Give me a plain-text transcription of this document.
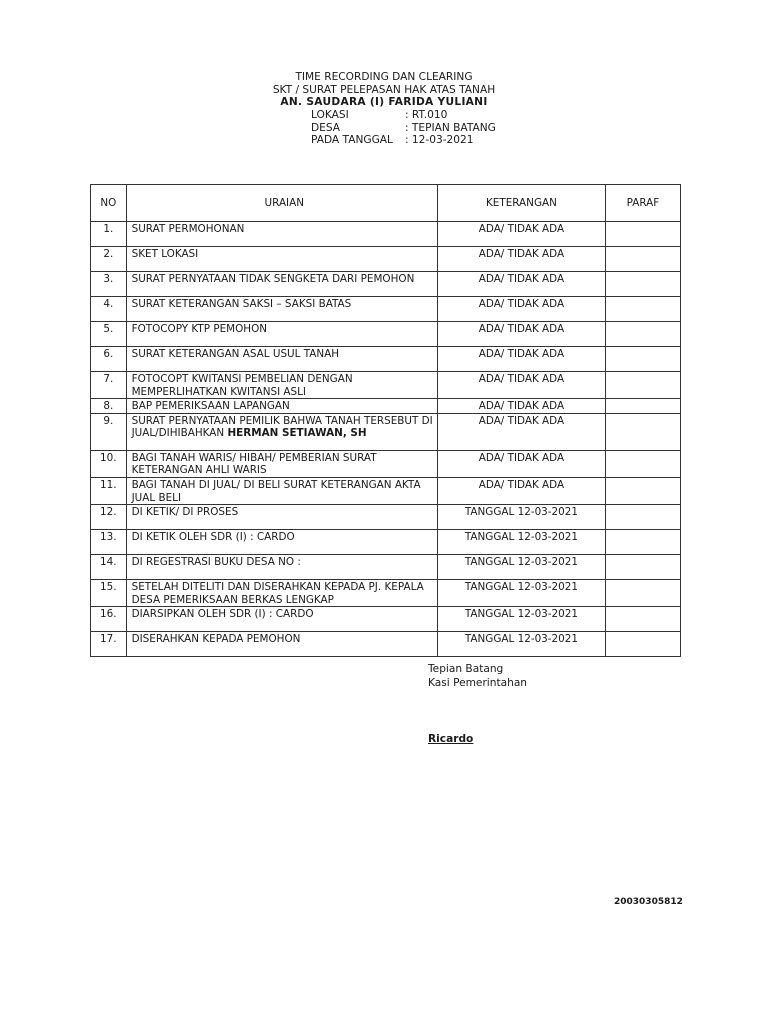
TIME RECORDING DAN CLEARING
SKT / SURAT PELEPASAN HAK ATAS TANAH
AN. SAUDARA (I) FARIDA YULIANI
LOKASI	: RT.010
DESA	: TEPIAN BATANG
PADA TANGGAL	: 12-03-2021
NO	URAIAN	KETERANGAN	PARAF
1.	SURAT PERMOHONAN	ADA/ TIDAK ADA	
2.	SKET LOKASI	ADA/ TIDAK ADA	
3.	SURAT PERNYATAAN TIDAK SENGKETA DARI PEMOHON	ADA/ TIDAK ADA	
4.	SURAT KETERANGAN SAKSI – SAKSI BATAS	ADA/ TIDAK ADA	
5.	FOTOCOPY KTP PEMOHON	ADA/ TIDAK ADA	
6.	SURAT KETERANGAN ASAL USUL TANAH	ADA/ TIDAK ADA	
7.	FOTOCOPT KWITANSI PEMBELIAN DENGAN MEMPERLIHATKAN KWITANSI ASLI	ADA/ TIDAK ADA	
8.	BAP PEMERIKSAAN LAPANGAN	ADA/ TIDAK ADA	
9.	SURAT PERNYATAAN PEMILIK BAHWA TANAH TERSEBUT DI JUAL/DIHIBAHKAN HERMAN SETIAWAN, SH	ADA/ TIDAK ADA	
10.	BAGI TANAH WARIS/ HIBAH/ PEMBERIAN SURAT KETERANGAN AHLI WARIS	ADA/ TIDAK ADA	
11.	BAGI TANAH DI JUAL/ DI BELI SURAT KETERANGAN AKTA JUAL BELI	ADA/ TIDAK ADA	
12.	DI KETIK/ DI PROSES	TANGGAL 12-03-2021	
13.	DI KETIK OLEH SDR (I) : CARDO	TANGGAL 12-03-2021	
14.	DI REGESTRASI BUKU DESA NO :	TANGGAL 12-03-2021	
15.	SETELAH DITELITI DAN DISERAHKAN KEPADA PJ. KEPALA DESA PEMERIKSAAN BERKAS LENGKAP	TANGGAL 12-03-2021	
16.	DIARSIPKAN OLEH SDR (I) : CARDO	TANGGAL 12-03-2021	
17.	DISERAHKAN KEPADA PEMOHON	TANGGAL 12-03-2021	
Tepian Batang
Kasi Pemerintahan
Ricardo
20030305812
